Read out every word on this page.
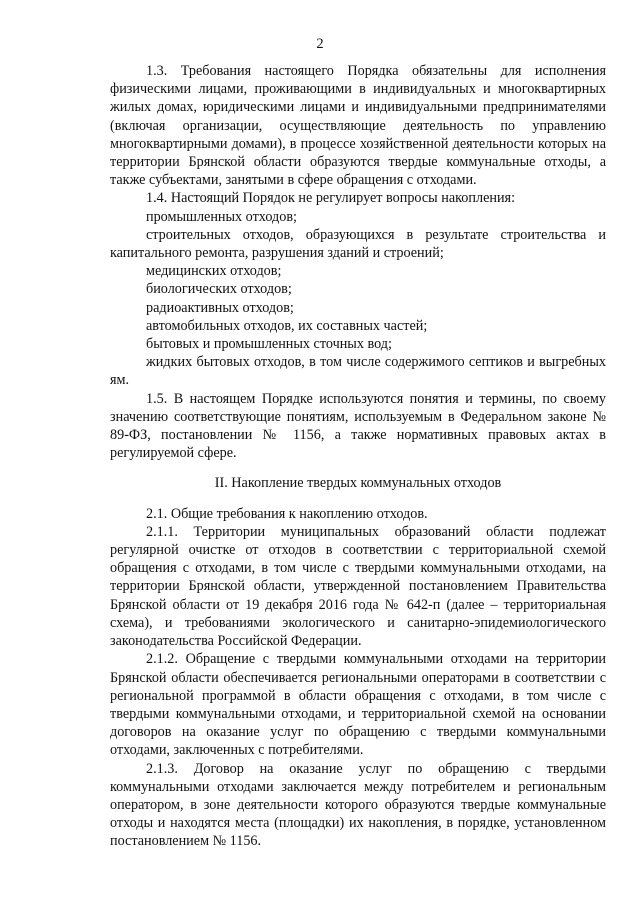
2

1.3. Требования настоящего Порядка обязательны для исполнения физическими лицами, проживающими в индивидуальных и многоквартирных жилых домах, юридическими лицами и индивидуальными предпринимателями (включая организации, осуществляющие деятельность по управлению многоквартирными домами), в процессе хозяйственной деятельности которых на территории Брянской области образуются твердые коммунальные отходы, а также субъектами, занятыми в сфере обращения с отходами.

1.4. Настоящий Порядок не регулирует вопросы накопления:

промышленных отходов;

строительных отходов, образующихся в результате строительства и капитального ремонта, разрушения зданий и строений;

медицинских отходов;

биологических отходов;

радиоактивных отходов;

автомобильных отходов, их составных частей;

бытовых и промышленных сточных вод;

жидких бытовых отходов, в том числе содержимого септиков и выгребных ям.

1.5. В настоящем Порядке используются понятия и термины, по своему значению соответствующие понятиям, используемым в Федеральном законе № 89-ФЗ, постановлении № 1156, а также нормативных правовых актах в регулируемой сфере.

II. Накопление твердых коммунальных отходов

2.1. Общие требования к накоплению отходов.

2.1.1. Территории муниципальных образований области подлежат регулярной очистке от отходов в соответствии с территориальной схемой обращения с отходами, в том числе с твердыми коммунальными отходами, на территории Брянской области, утвержденной постановлением Правительства Брянской области от 19 декабря 2016 года № 642-п (далее – территориальная схема), и требованиями экологического и санитарно-эпидемиологического законодательства Российской Федерации.

2.1.2. Обращение с твердыми коммунальными отходами на территории Брянской области обеспечивается региональными операторами в соответствии с региональной программой в области обращения с отходами, в том числе с твердыми коммунальными отходами, и территориальной схемой на основании договоров на оказание услуг по обращению с твердыми коммунальными отходами, заключенных с потребителями.

2.1.3. Договор на оказание услуг по обращению с твердыми коммунальными отходами заключается между потребителем и региональным оператором, в зоне деятельности которого образуются твердые коммунальные отходы и находятся места (площадки) их накопления, в порядке, установленном постановлением № 1156.
